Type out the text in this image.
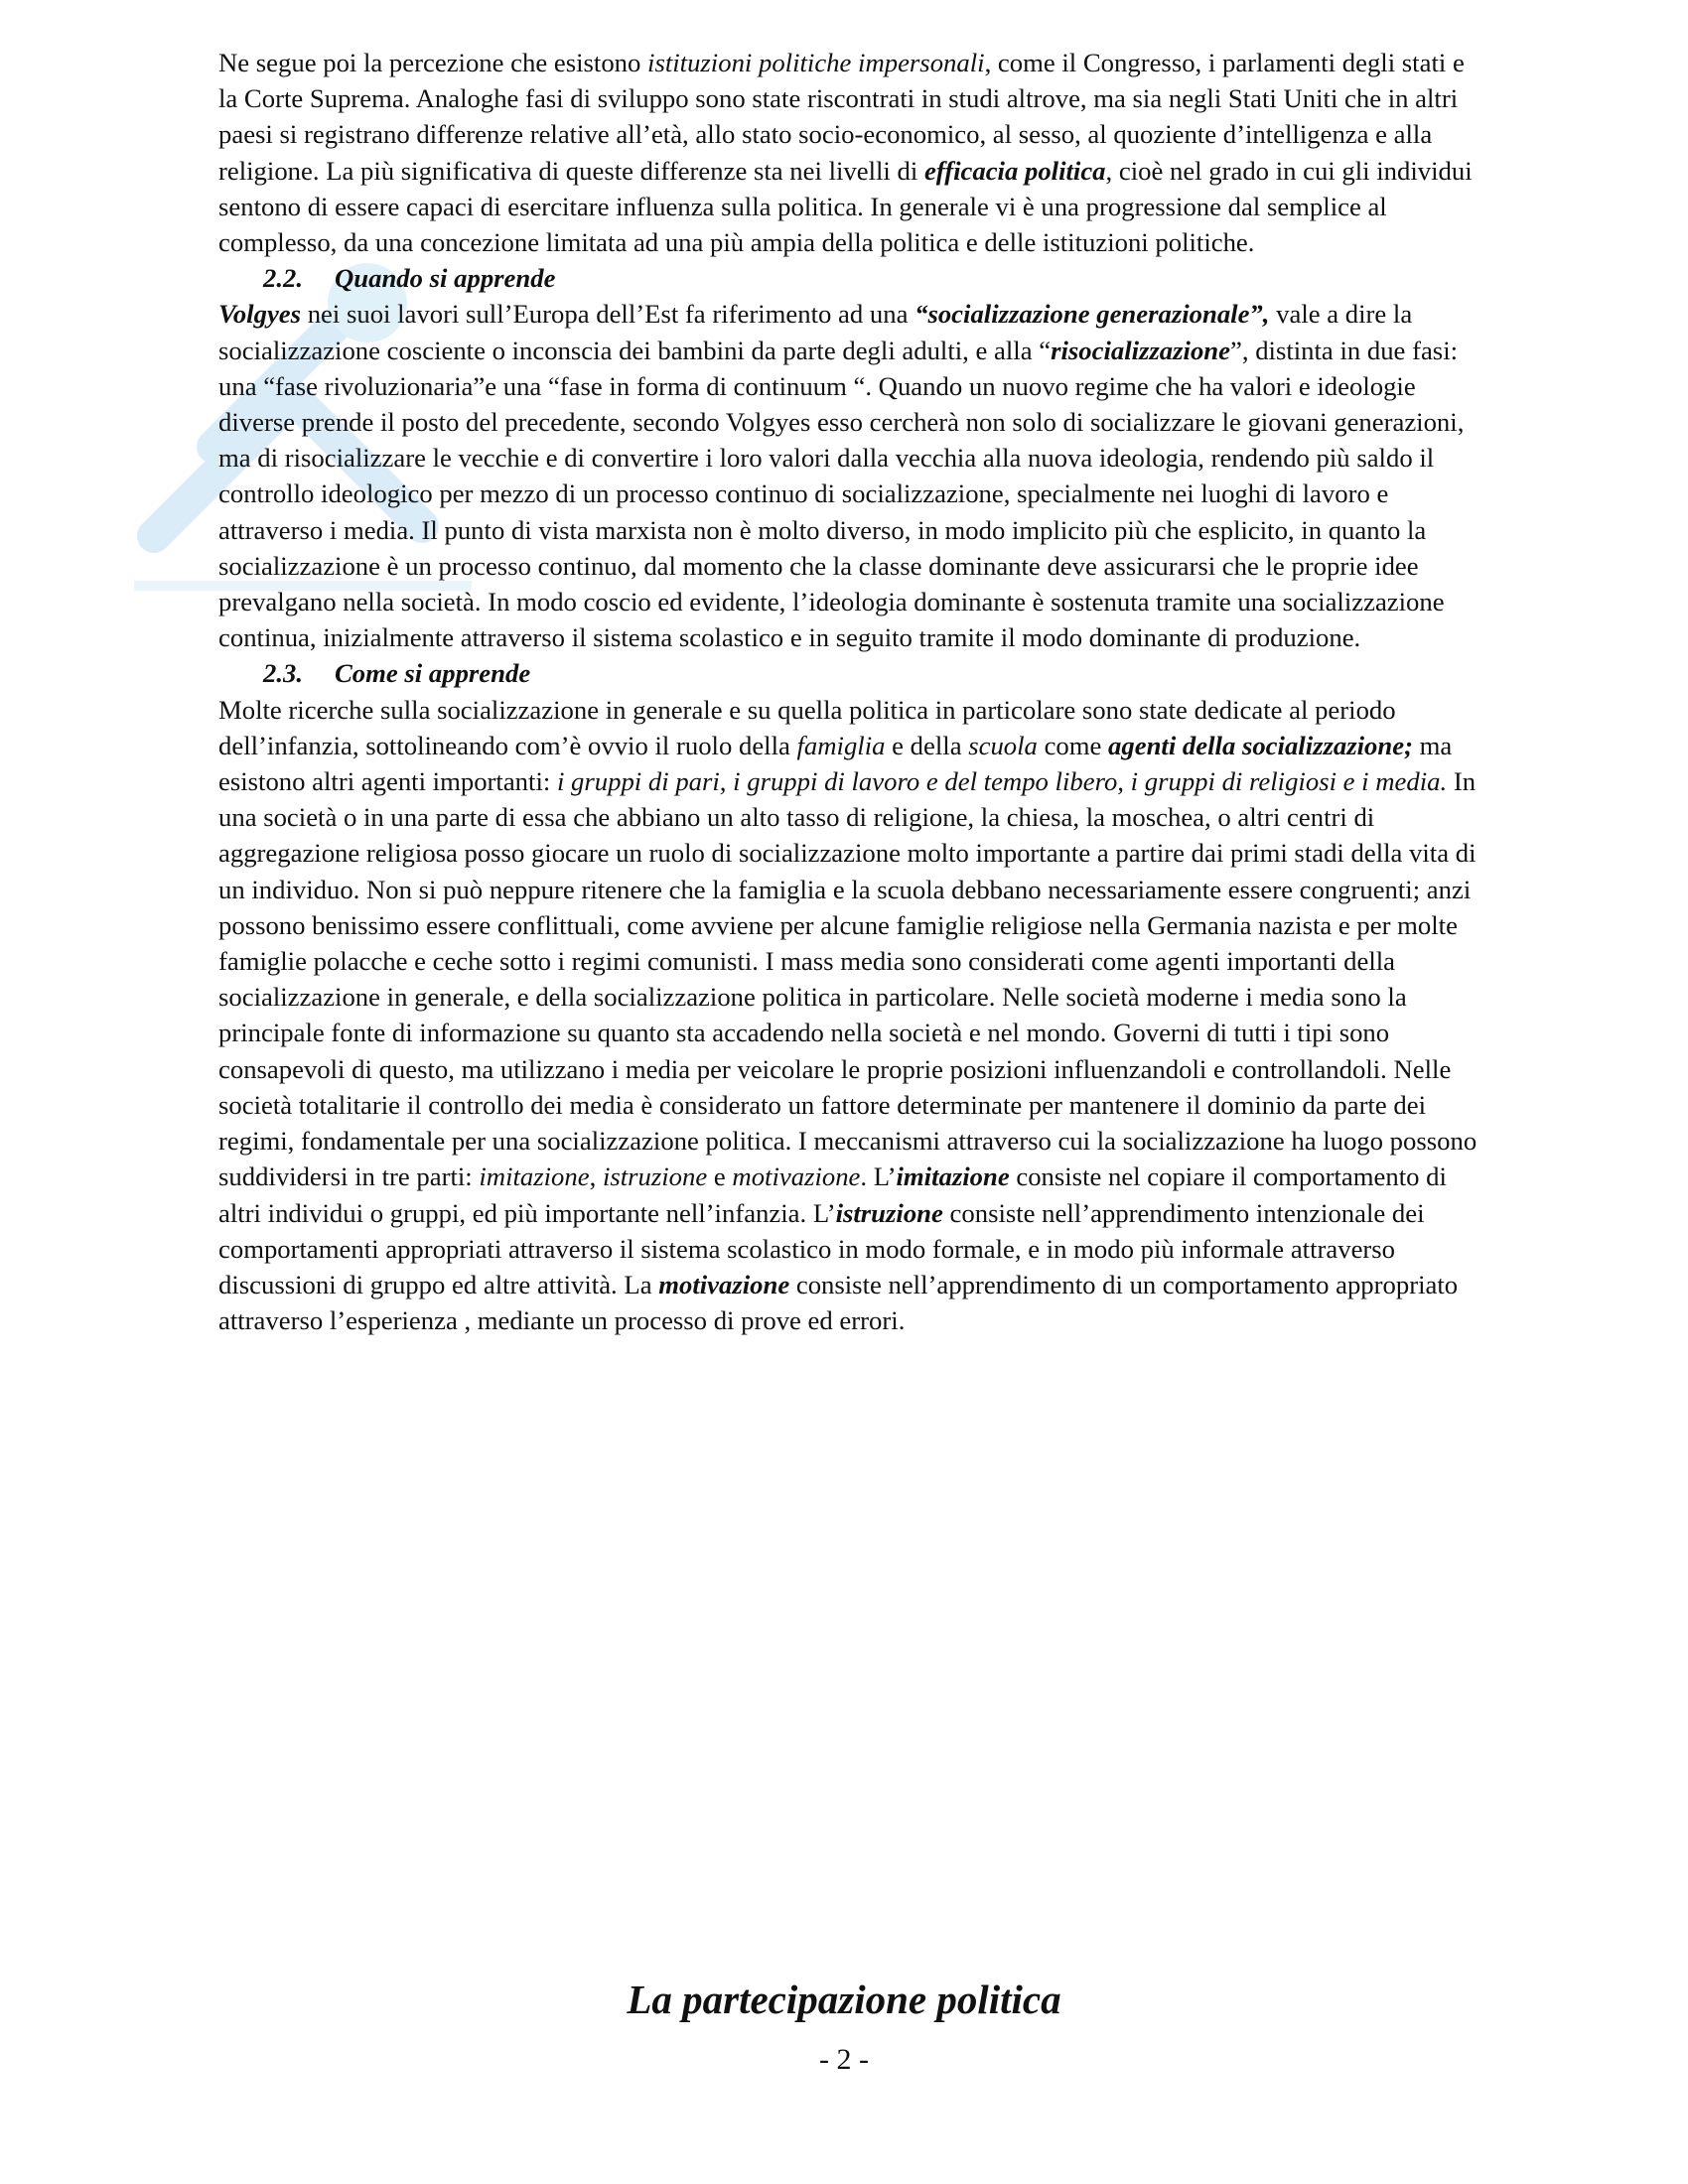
Ne segue poi la percezione che esistono istituzioni politiche impersonali, come il Congresso, i parlamenti degli stati e la Corte Suprema. Analoghe fasi di sviluppo sono state riscontrati in studi altrove, ma sia negli Stati Uniti che in altri paesi si registrano differenze relative all’età, allo stato socio-economico, al sesso, al quoziente d’intelligenza e alla religione. La più significativa di queste differenze sta nei livelli di efficacia politica, cioè nel grado in cui gli individui sentono di essere capaci di esercitare influenza sulla politica. In generale vi è una progressione dal semplice al complesso, da una concezione limitata ad una più ampia della politica e delle istituzioni politiche.

2.2. Quando si apprende

Volgyes nei suoi lavori sull’Europa dell’Est fa riferimento ad una “socializzazione generazionale”, vale a dire la socializzazione cosciente o inconscia dei bambini da parte degli adulti, e alla “risocializzazione”, distinta in due fasi: una “fase rivoluzionaria”e una “fase in forma di continuum “. Quando un nuovo regime che ha valori e ideologie diverse prende il posto del precedente, secondo Volgyes esso cercherà non solo di socializzare le giovani generazioni, ma di risocializzare le vecchie e di convertire i loro valori dalla vecchia alla nuova ideologia, rendendo più saldo il controllo ideologico per mezzo di un processo continuo di socializzazione, specialmente nei luoghi di lavoro e attraverso i media. Il punto di vista marxista non è molto diverso, in modo implicito più che esplicito, in quanto la socializzazione è un processo continuo, dal momento che la classe dominante deve assicurarsi che le proprie idee prevalgano nella società. In modo coscio ed evidente, l’ideologia dominante è sostenuta tramite una socializzazione continua, inizialmente attraverso il sistema scolastico e in seguito tramite il modo dominante di produzione.

2.3. Come si apprende

Molte ricerche sulla socializzazione in generale e su quella politica in particolare sono state dedicate al periodo dell’infanzia, sottolineando com’è ovvio il ruolo della famiglia e della scuola come agenti della socializzazione; ma esistono altri agenti importanti: i gruppi di pari, i gruppi di lavoro e del tempo libero, i gruppi di religiosi e i media. In una società o in una parte di essa che abbiano un alto tasso di religione, la chiesa, la moschea, o altri centri di aggregazione religiosa posso giocare un ruolo di socializzazione molto importante a partire dai primi stadi della vita di un individuo. Non si può neppure ritenere che la famiglia e la scuola debbano necessariamente essere congruenti; anzi possono benissimo essere conflittuali, come avviene per alcune famiglie religiose nella Germania nazista e per molte famiglie polacche e ceche sotto i regimi comunisti. I mass media sono considerati come agenti importanti della socializzazione in generale, e della socializzazione politica in particolare. Nelle società moderne i media sono la principale fonte di informazione su quanto sta accadendo nella società e nel mondo. Governi di tutti i tipi sono consapevoli di questo, ma utilizzano i media per veicolare le proprie posizioni influenzandoli e controllandoli. Nelle società totalitarie il controllo dei media è considerato un fattore determinate per mantenere il dominio da parte dei regimi, fondamentale per una socializzazione politica. I meccanismi attraverso cui la socializzazione ha luogo possono suddividersi in tre parti: imitazione, istruzione e motivazione. L’imitazione consiste nel copiare il comportamento di altri individui o gruppi, ed più importante nell’infanzia. L’istruzione consiste nell’apprendimento intenzionale dei comportamenti appropriati attraverso il sistema scolastico in modo formale, e in modo più informale attraverso discussioni di gruppo ed altre attività. La motivazione consiste nell’apprendimento di un comportamento appropriato attraverso l’esperienza , mediante un processo di prove ed errori.

La partecipazione politica
- 2 -
